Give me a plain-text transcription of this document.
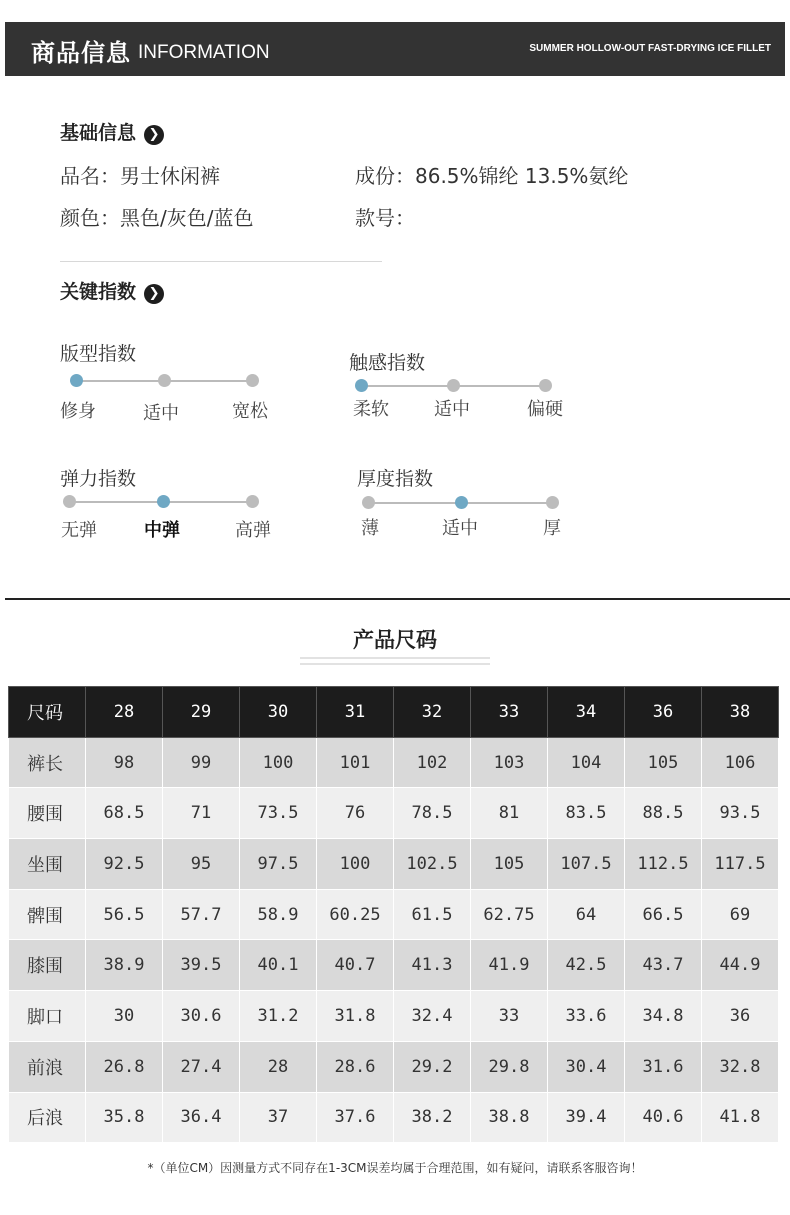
商品信息 INFORMATION	SUMMER HOLLOW-OUT FAST-DRYING ICE FILLET
基础信息 ❯
品名：男士休闲裤
颜色：黑色/灰色/蓝色
成份：86.5%锦纶 13.5%氨纶
款号：
关键指数 ❯
版型指数
修身	适中	宽松
触感指数
柔软	适中	偏硬
弹力指数
无弹	中弹	高弹
厚度指数
薄	适中	厚
产品尺码
尺码	28	29	30	31	32	33	34	36	38
裤长	98	99	100	101	102	103	104	105	106
腰围	68.5	71	73.5	76	78.5	81	83.5	88.5	93.5
坐围	92.5	95	97.5	100	102.5	105	107.5	112.5	117.5
髀围	56.5	57.7	58.9	60.25	61.5	62.75	64	66.5	69
膝围	38.9	39.5	40.1	40.7	41.3	41.9	42.5	43.7	44.9
脚口	30	30.6	31.2	31.8	32.4	33	33.6	34.8	36
前浪	26.8	27.4	28	28.6	29.2	29.8	30.4	31.6	32.8
后浪	35.8	36.4	37	37.6	38.2	38.8	39.4	40.6	41.8
*（单位CM）因测量方式不同存在1-3CM误差均属于合理范围，如有疑问，请联系客服咨询！
